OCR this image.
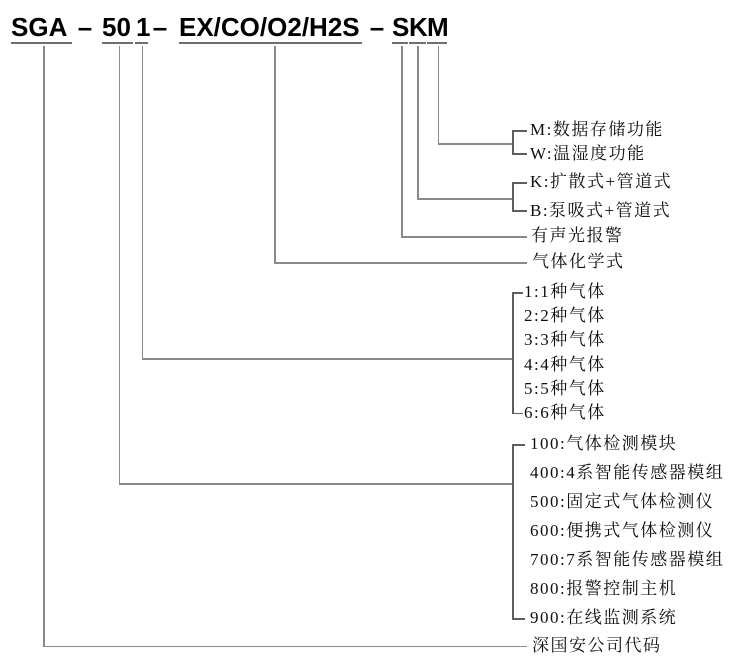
SGA – 50 1 – EX/CO/O2/H2S – S K M
M:数据存储功能
W:温湿度功能
K:扩散式+管道式
B:泵吸式+管道式
有声光报警
气体化学式
1:1种气体
2:2种气体
3:3种气体
4:4种气体
5:5种气体
6:6种气体
100:气体检测模块
400:4系智能传感器模组
500:固定式气体检测仪
600:便携式气体检测仪
700:7系智能传感器模组
800:报警控制主机
900:在线监测系统
深国安公司代码
